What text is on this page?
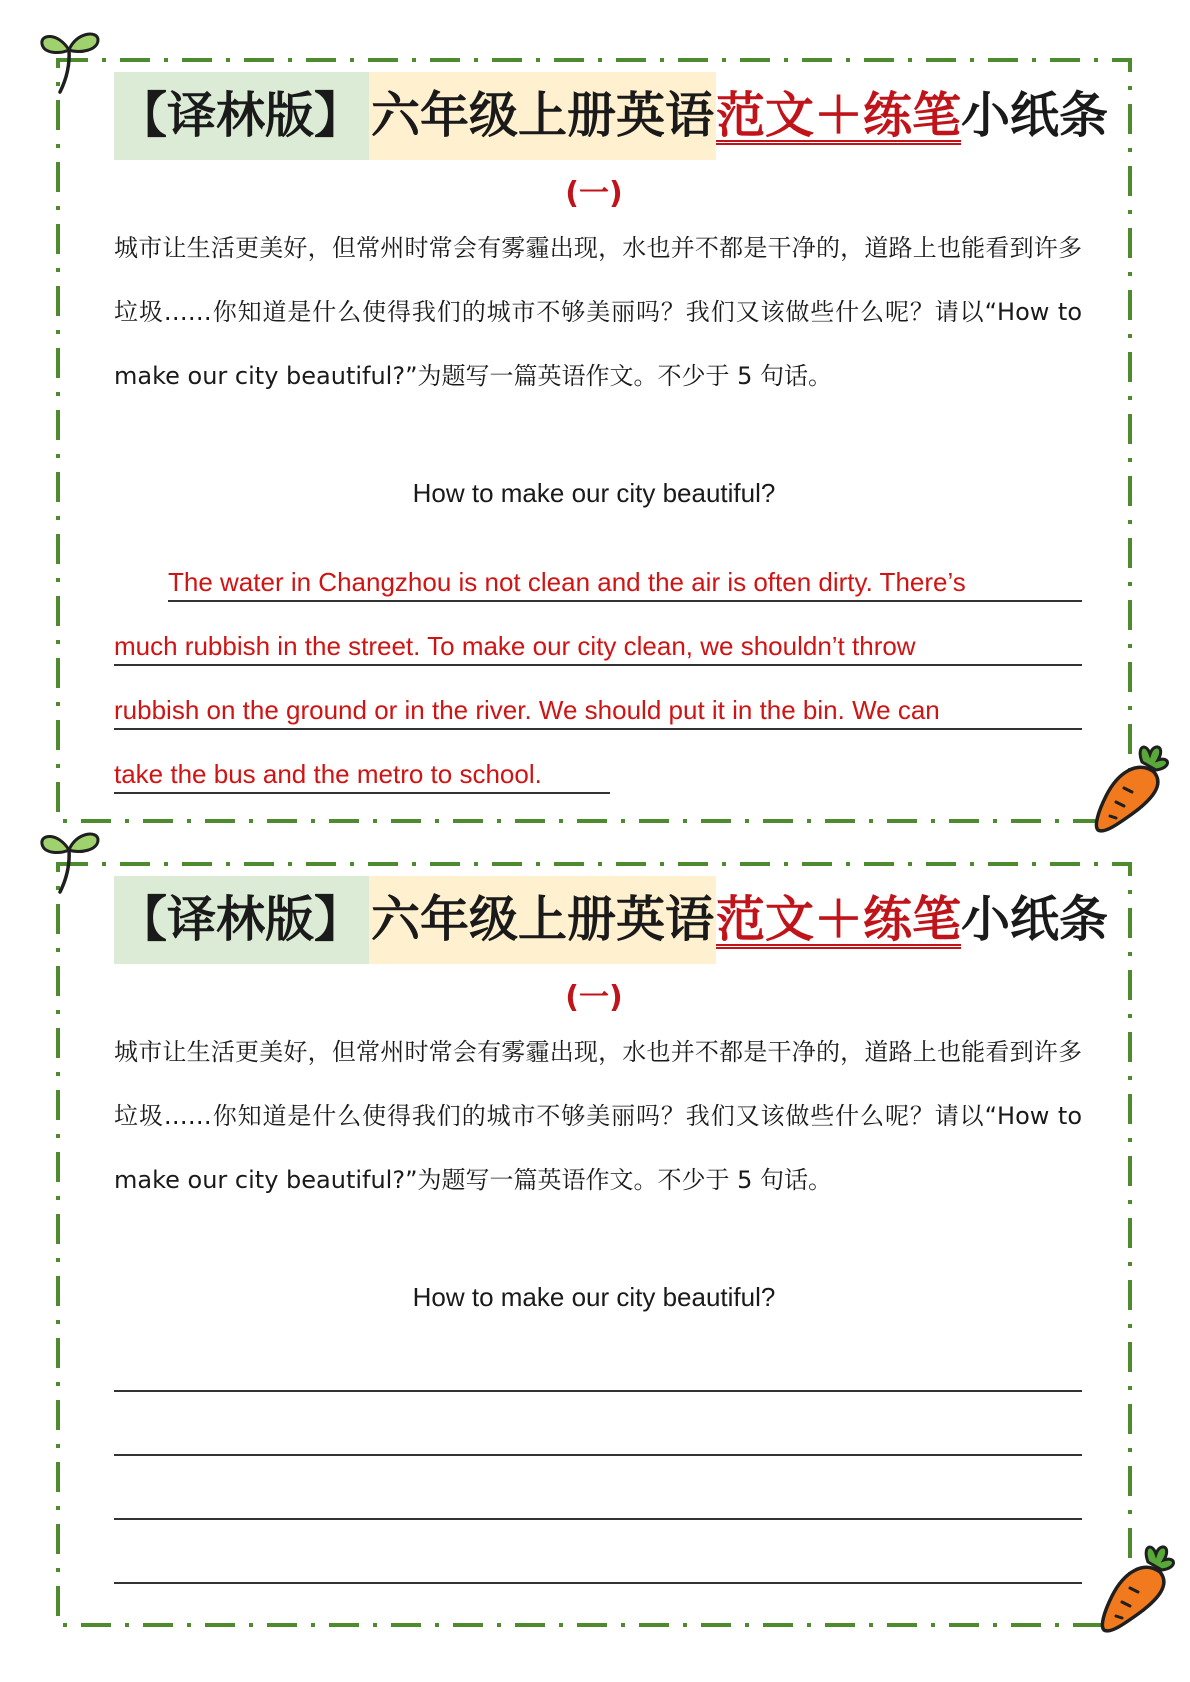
【译林版】 六年级上册英语 范文＋练笔 小纸条
(一)
城市让生活更美好，但常州时常会有雾霾出现，水也并不都是干净的，道路上也能看到许多垃圾……你知道是什么使得我们的城市不够美丽吗？我们又该做些什么呢？请以“How to make our city beautiful?”为题写一篇英语作文。不少于 5 句话。
How to make our city beautiful?
The water in Changzhou is not clean and the air is often dirty. There’s
much rubbish in the street. To make our city clean, we shouldn’t throw
rubbish on the ground or in the river. We should put it in the bin. We can
take the bus and the metro to school.
【译林版】 六年级上册英语 范文＋练笔 小纸条
(一)
城市让生活更美好，但常州时常会有雾霾出现，水也并不都是干净的，道路上也能看到许多垃圾……你知道是什么使得我们的城市不够美丽吗？我们又该做些什么呢？请以“How to make our city beautiful?”为题写一篇英语作文。不少于 5 句话。
How to make our city beautiful?
